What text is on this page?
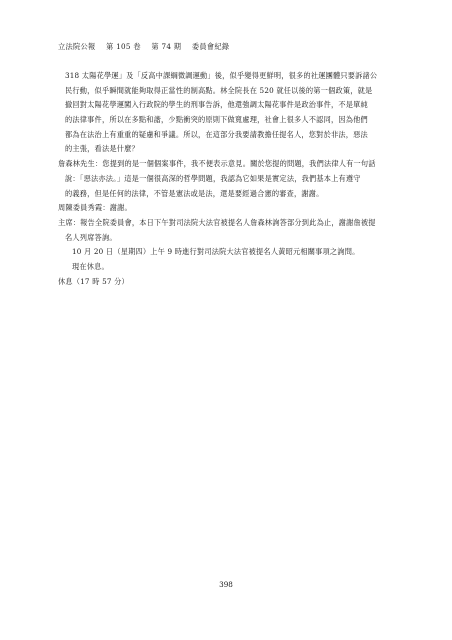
立法院公報 第 105 卷 第 74 期 委員會紀錄
318 太陽花學運」及「反高中課綱微調運動」後，似乎變得更鮮明，很多的社運團體只要訴諸公
民行動，似乎瞬間就能夠取得正當性的制高點。林全院長在 520 就任以後的第一個政策，就是
撤回對太陽花學運闖入行政院的學生的刑事告訴，他還強調太陽花事件是政治事件，不是單純
的法律事件，所以在多點和諧，少點衝突的原則下做寬處理，社會上很多人不認同，因為他們
都為在法治上有重重的疑慮和爭議。所以，在這部分我要請教擔任提名人，您對於非法，惡法
的主張，看法是什麼？
詹森林先生：您提到的是一個個案事件，我不便表示意見。關於您提的問題，我們法律人有一句話
說：「惡法亦法。」這是一個很高深的哲學問題，我認為它如果是實定法，我們基本上有遵守
的義務，但是任何的法律，不管是憲法或是法，還是要經過合憲的審查，謝謝。
周陳委員秀霞：謝謝。
主席：報告全院委員會，本日下午對司法院大法官被提名人詹森林詢答部分到此為止，謝謝詹被提
名人列席答詢。
10 月 20 日（星期四）上午 9 時進行對司法院大法官被提名人黃昭元相關事項之詢問。
現在休息。
休息（17 時 57 分）
398
